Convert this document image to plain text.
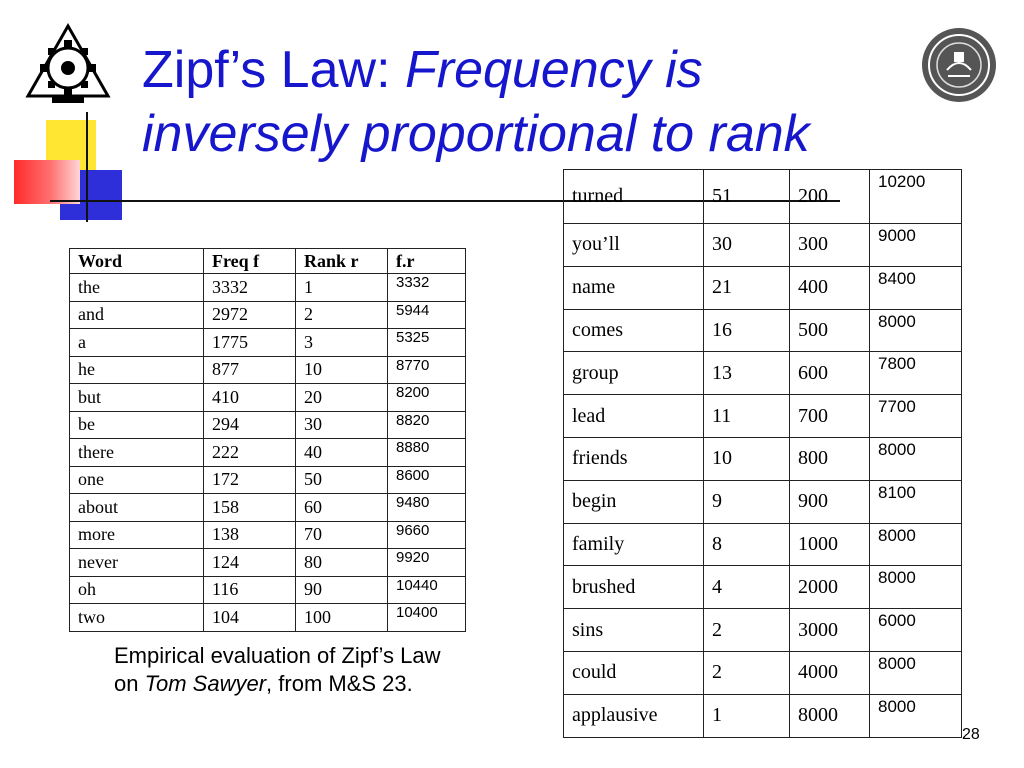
Zipf’s Law: Frequency is inversely proportional to rank
Word	Freq f	Rank r	f.r
the	3332	1	3332
and	2972	2	5944
a	1775	3	5325
he	877	10	8770
but	410	20	8200
be	294	30	8820
there	222	40	8880
one	172	50	8600
about	158	60	9480
more	138	70	9660
never	124	80	9920
oh	116	90	10440
two	104	100	10400
turned	51	200	10200
you’ll	30	300	9000
name	21	400	8400
comes	16	500	8000
group	13	600	7800
lead	11	700	7700
friends	10	800	8000
begin	9	900	8100
family	8	1000	8000
brushed	4	2000	8000
sins	2	3000	6000
could	2	4000	8000
applausive	1	8000	8000
Empirical evaluation of Zipf’s Law
on Tom Sawyer, from M&S 23.
28
